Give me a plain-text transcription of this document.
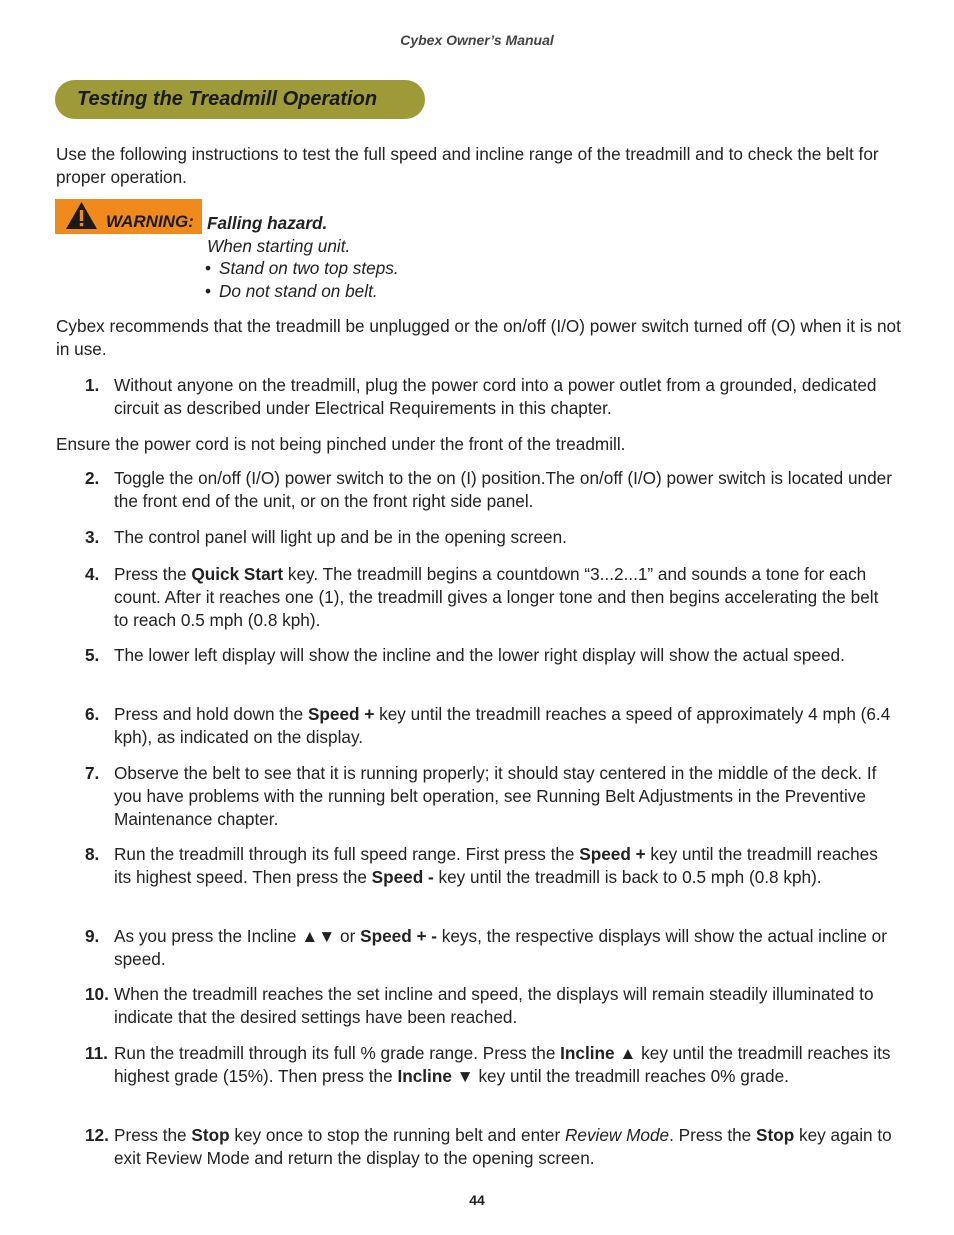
Cybex Owner’s Manual
Testing the Treadmill Operation

Use the following instructions to test the full speed and incline range of the treadmill and to check the belt for proper operation.

WARNING: Falling hazard.
When starting unit.
• Stand on two top steps.
• Do not stand on belt.

Cybex recommends that the treadmill be unplugged or the on/off (I/O) power switch turned off (O) when it is not in use.

1. Without anyone on the treadmill, plug the power cord into a power outlet from a grounded, dedicated circuit as described under Electrical Requirements in this chapter.

Ensure the power cord is not being pinched under the front of the treadmill.

2. Toggle the on/off (I/O) power switch to the on (I) position.The on/off (I/O) power switch is located under the front end of the unit, or on the front right side panel.
3. The control panel will light up and be in the opening screen.
4. Press the Quick Start key. The treadmill begins a countdown “3...2...1” and sounds a tone for each count. After it reaches one (1), the treadmill gives a longer tone and then begins accelerating the belt to reach 0.5 mph (0.8 kph).
5. The lower left display will show the incline and the lower right display will show the actual speed.
6. Press and hold down the Speed + key until the treadmill reaches a speed of approximately 4 mph (6.4 kph), as indicated on the display.
7. Observe the belt to see that it is running properly; it should stay centered in the middle of the deck. If you have problems with the running belt operation, see Running Belt Adjustments in the Preventive Maintenance chapter.
8. Run the treadmill through its full speed range. First press the Speed + key until the treadmill reaches its highest speed. Then press the Speed - key until the treadmill is back to 0.5 mph (0.8 kph).
9. As you press the Incline ▲▼ or Speed + - keys, the respective displays will show the actual incline or speed.
10. When the treadmill reaches the set incline and speed, the displays will remain steadily illuminated to indicate that the desired settings have been reached.
11. Run the treadmill through its full % grade range. Press the Incline ▲ key until the treadmill reaches its highest grade (15%). Then press the Incline ▼ key until the treadmill reaches 0% grade.
12. Press the Stop key once to stop the running belt and enter Review Mode. Press the Stop key again to exit Review Mode and return the display to the opening screen.
44
